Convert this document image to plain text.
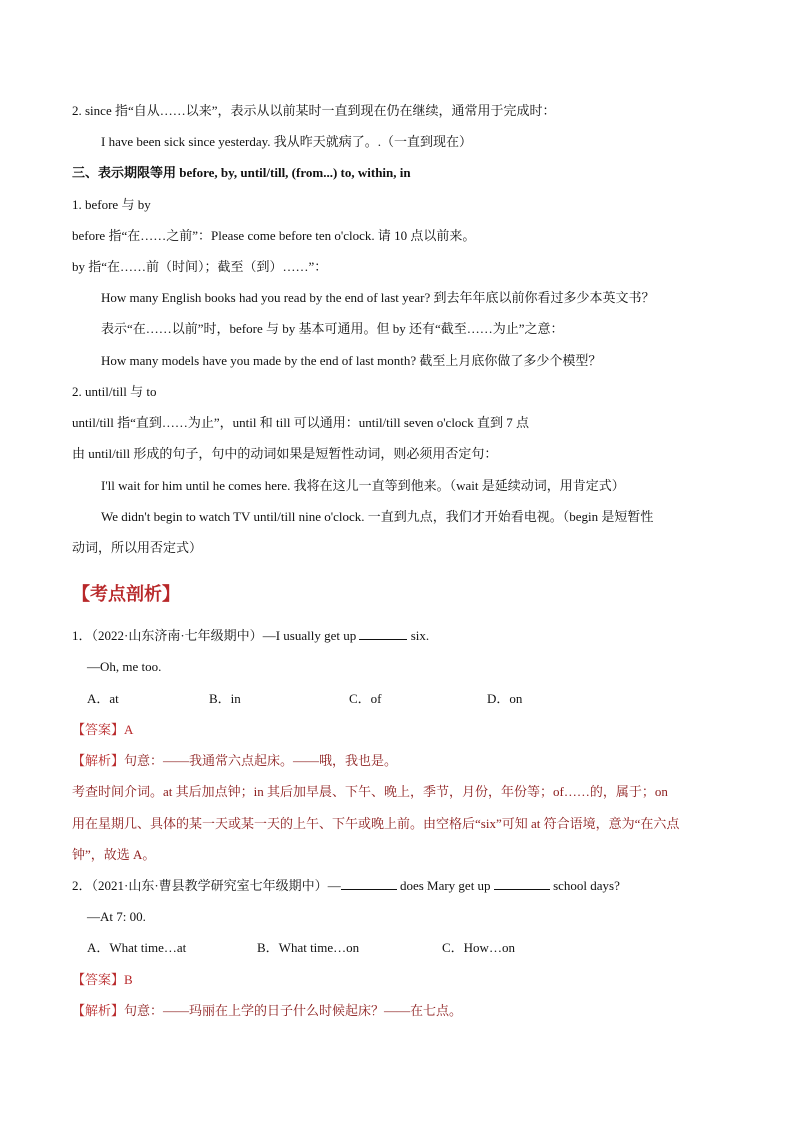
2. since 指“自从……以来”，表示从以前某时一直到现在仍在继续，通常用于完成时：
I have been sick since yesterday. 我从昨天就病了。.（一直到现在）
三、表示期限等用 before, by, until/till, (from...) to, within, in
1. before 与 by
before 指“在……之前”：Please come before ten o'clock. 请 10 点以前来。
by 指“在……前（时间）；截至（到）……”：
How many English books had you read by the end of last year? 到去年年底以前你看过多少本英文书？
表示“在……以前”时，before 与 by 基本可通用。但 by 还有“截至……为止”之意：
How many models have you made by the end of last month? 截至上月底你做了多少个模型？
2. until/till 与 to
until/till 指“直到……为止”，until 和 till 可以通用：until/till seven o'clock 直到 7 点
由 until/till 形成的句子，句中的动词如果是短暂性动词，则必须用否定句：
I'll wait for him until he comes here. 我将在这儿一直等到他来。（wait 是延续动词，用肯定式）
We didn't begin to watch TV until/till nine o'clock. 一直到九点，我们才开始看电视。（begin 是短暂性
动词，所以用否定式）
【考点剖析】
1．（2022·山东济南·七年级期中）—I usually get up	six.
—Oh, me too.
A．at	B．in	C．of	D．on
【答案】A
【解析】句意：——我通常六点起床。——哦，我也是。
考查时间介词。at 其后加点钟；in 其后加早晨、下午、晚上，季节，月份，年份等；of……的，属于；on
用在星期几、具体的某一天或某一天的上午、下午或晚上前。由空格后“six”可知 at 符合语境，意为“在六点
钟”，故选 A。
2．（2021·山东·曹县教学研究室七年级期中）—	does Mary get up	school days?
—At 7: 00.
A．What time…at	B．What time…on	C．How…on
【答案】B
【解析】句意：——玛丽在上学的日子什么时候起床？——在七点。
